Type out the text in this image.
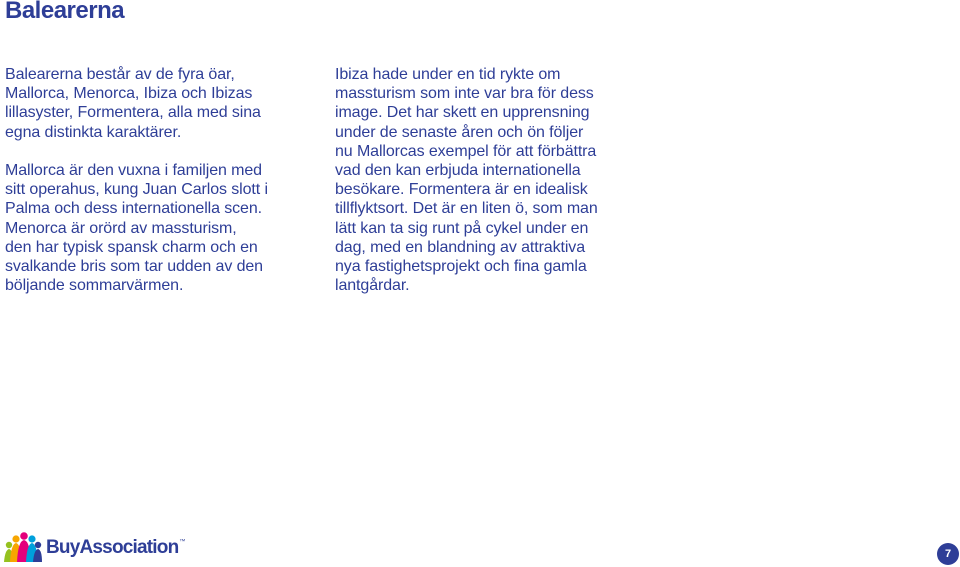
Balearerna

Balearerna består av de fyra öar,
Mallorca, Menorca, Ibiza och Ibizas
lillasyster, Formentera, alla med sina
egna distinkta karaktärer.

Mallorca är den vuxna i familjen med
sitt operahus, kung Juan Carlos slott i
Palma och dess internationella scen.
Menorca är orörd av massturism,
den har typisk spansk charm och en
svalkande bris som tar udden av den
böljande sommarvärmen.

Ibiza hade under en tid rykte om
massturism som inte var bra för dess
image. Det har skett en upprensning
under de senaste åren och ön följer
nu Mallorcas exempel för att förbättra
vad den kan erbjuda internationella
besökare. Formentera är en idealisk
tillflyktsort. Det är en liten ö, som man
lätt kan ta sig runt på cykel under en
dag, med en blandning av attraktiva
nya fastighetsprojekt och fina gamla
lantgårdar.

BuyAssociation ™
7
